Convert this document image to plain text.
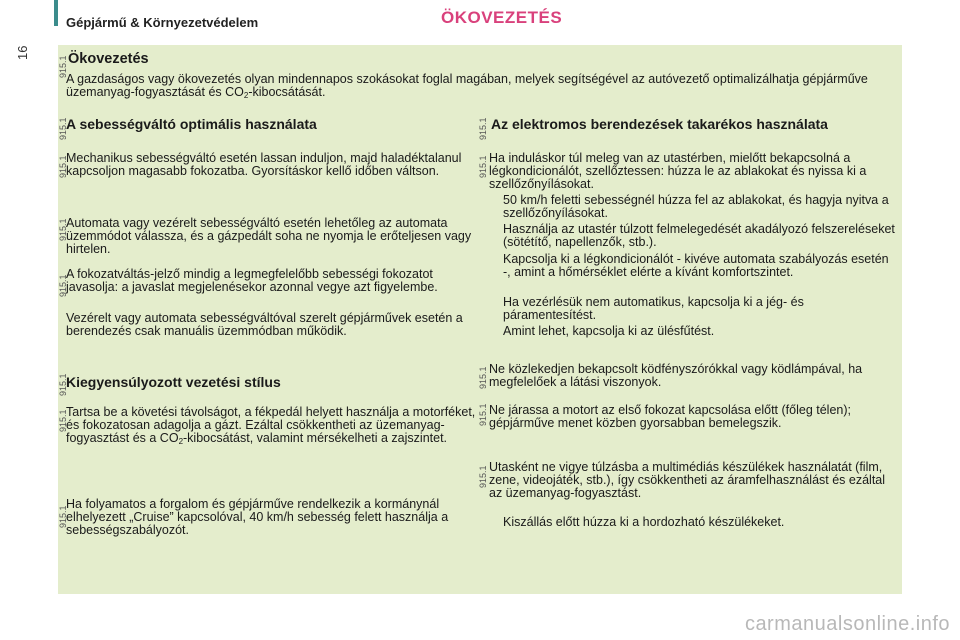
Gépjármű & Környezetvédelem	ÖKOVEZETÉS
16
915.1
915.1
915.1
915.1
915.1
915.1
915.1
915.1
915.1
915.1
915.1
915.1
915.1
Ökovezetés
A gazdaságos vagy ökovezetés olyan mindennapos szokásokat foglal magában, melyek segítségével az autóvezető optimalizálhatja gépjárműve üzemanyag-fogyasztását és $CO_2$-kibocsátását.
A sebességváltó optimális használata
Mechanikus sebességváltó esetén lassan induljon, majd haladéktalanul kapcsoljon magasabb fokozatba. Gyorsításkor kellő időben váltson.
Automata vagy vezérelt sebességváltó esetén lehetőleg az automata üzemmódot válassza, és a gázpedált soha ne nyomja le erőteljesen vagy hirtelen.
A fokozatváltás-jelző mindig a legmegfelelőbb sebességi fokozatot javasolja: a javaslat megjelenésekor azonnal vegye azt figyelembe.
Vezérelt vagy automata sebességváltóval szerelt gépjárművek esetén a berendezés csak manuális üzemmódban működik.
Kiegyensúlyozott vezetési stílus
Tartsa be a követési távolságot, a fékpedál helyett használja a motorféket, és fokozatosan adagolja a gázt. Ezáltal csökkentheti az üzemanyag-fogyasztást és a $CO_2$-kibocsátást, valamint mérsékelheti a zajszintet.
Ha folyamatos a forgalom és gépjárműve rendelkezik a kormánynál elhelyezett „Cruise” kapcsolóval, 40 km/h sebesség felett használja a sebességszabályozót.
Az elektromos berendezések takarékos használata
Ha induláskor túl meleg van az utastérben, mielőtt bekapcsolná a légkondicionálót, szellőztessen: húzza le az ablakokat és nyissa ki a szellőzőnyílásokat.
50 km/h feletti sebességnél húzza fel az ablakokat, és hagyja nyitva a szellőzőnyílásokat.
Használja az utastér túlzott felmelegedését akadályozó felszereléseket (sötétítő, napellenzők, stb.).
Kapcsolja ki a légkondicionálót - kivéve automata szabályozás esetén -, amint a hőmérséklet elérte a kívánt komfortszintet.
Ha vezérlésük nem automatikus, kapcsolja ki a jég- és páramentesítést.
Amint lehet, kapcsolja ki az ülésfűtést.
Ne közlekedjen bekapcsolt ködfényszórókkal vagy ködlámpával, ha megfelelőek a látási viszonyok.
Ne járassa a motort az első fokozat kapcsolása előtt (főleg télen); gépjárműve menet közben gyorsabban bemelegszik.
Utasként ne vigye túlzásba a multimédiás készülékek használatát (film, zene, videojáték, stb.), így csökkentheti az áramfelhasználást és ezáltal az üzemanyag-fogyasztást.
Kiszállás előtt húzza ki a hordozható készülékeket.
carmanualsonline.info
